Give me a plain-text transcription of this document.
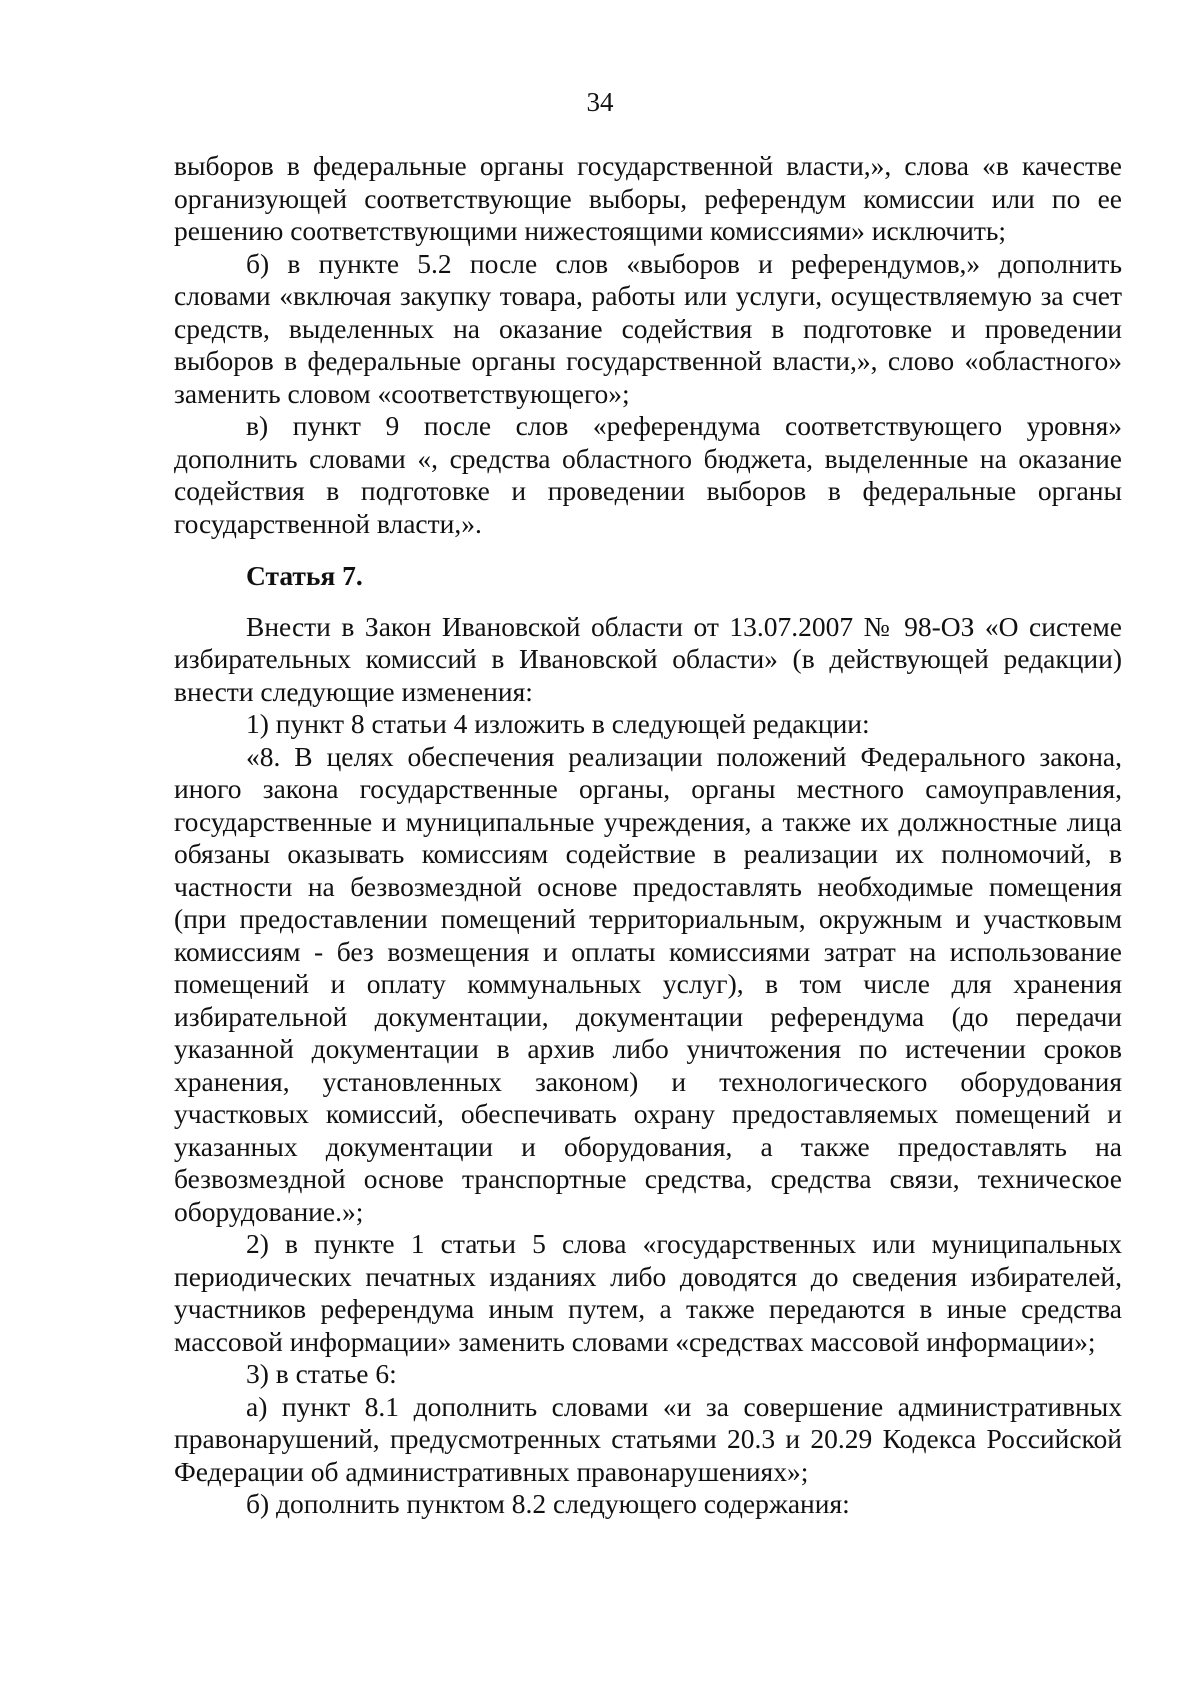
34

выборов в федеральные органы государственной власти,», слова «в качестве организующей соответствующие выборы, референдум комиссии или по ее решению соответствующими нижестоящими комиссиями» исключить;

б) в пункте 5.2 после слов «выборов и референдумов,» дополнить словами «включая закупку товара, работы или услуги, осуществляемую за счет средств, выделенных на оказание содействия в подготовке и проведении выборов в федеральные органы государственной власти,», слово «областного» заменить словом «соответствующего»;

в) пункт 9 после слов «референдума соответствующего уровня» дополнить словами «, средства областного бюджета, выделенные на оказание содействия в подготовке и проведении выборов в федеральные органы государственной власти,».

Статья 7.

Внести в Закон Ивановской области от 13.07.2007 № 98-ОЗ «О системе избирательных комиссий в Ивановской области» (в действующей редакции) внести следующие изменения:

1) пункт 8 статьи 4 изложить в следующей редакции:

«8. В целях обеспечения реализации положений Федерального закона, иного закона государственные органы, органы местного самоуправления, государственные и муниципальные учреждения, а также их должностные лица обязаны оказывать комиссиям содействие в реализации их полномочий, в частности на безвозмездной основе предоставлять необходимые помещения (при предоставлении помещений территориальным, окружным и участковым комиссиям - без возмещения и оплаты комиссиями затрат на использование помещений и оплату коммунальных услуг), в том числе для хранения избирательной документации, документации референдума (до передачи указанной документации в архив либо уничтожения по истечении сроков хранения, установленных законом) и технологического оборудования участковых комиссий, обеспечивать охрану предоставляемых помещений и указанных документации и оборудования, а также предоставлять на безвозмездной основе транспортные средства, средства связи, техническое оборудование.»;

2) в пункте 1 статьи 5 слова «государственных или муниципальных периодических печатных изданиях либо доводятся до сведения избирателей, участников референдума иным путем, а также передаются в иные средства массовой информации» заменить словами «средствах массовой информации»;

3) в статье 6:

а) пункт 8.1 дополнить словами «и за совершение административных правонарушений, предусмотренных статьями 20.3 и 20.29 Кодекса Российской Федерации об административных правонарушениях»;

б) дополнить пунктом 8.2 следующего содержания:
